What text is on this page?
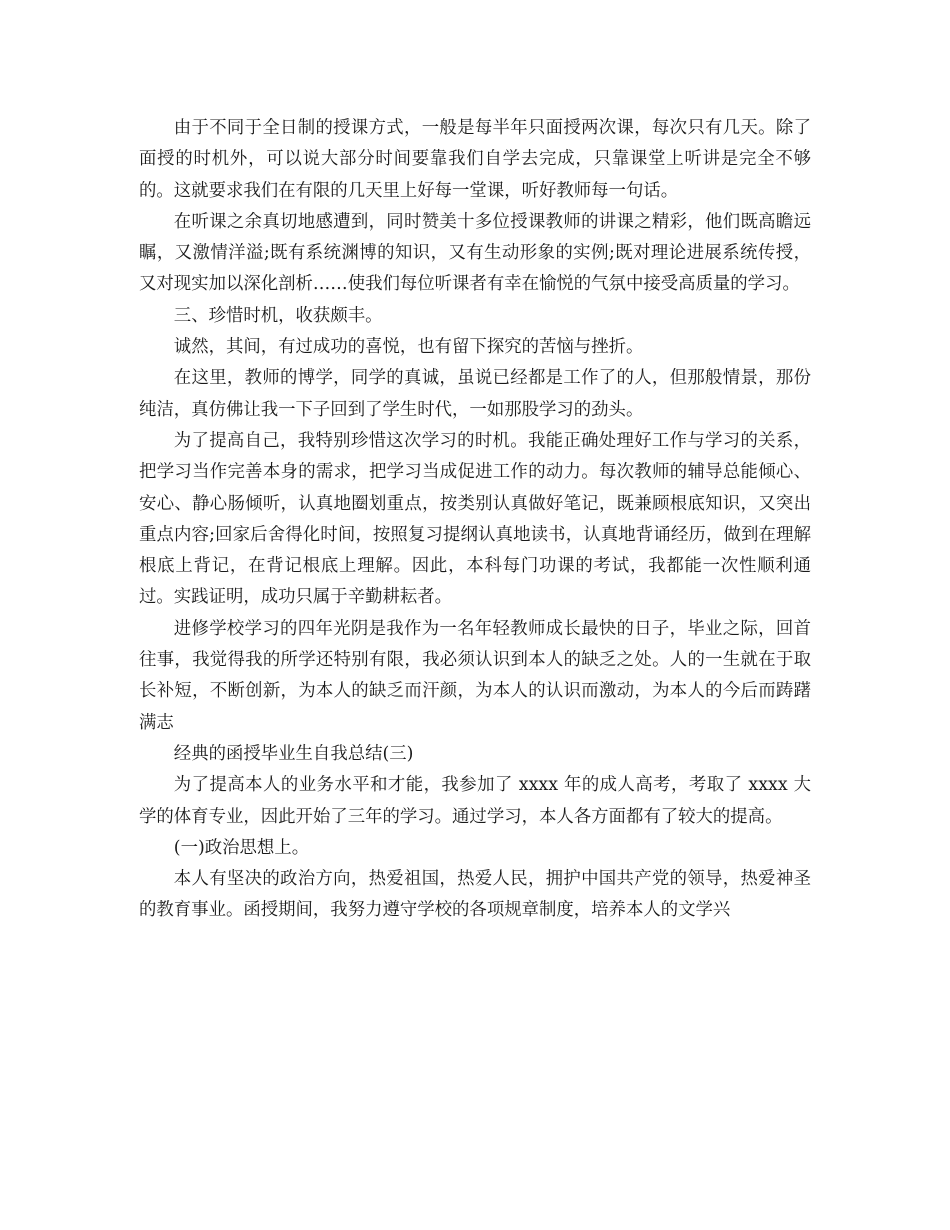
由于不同于全日制的授课方式，一般是每半年只面授两次课，每次只有几天。除了面授的时机外，可以说大部分时间要靠我们自学去完成，只靠课堂上听讲是完全不够的。这就要求我们在有限的几天里上好每一堂课，听好教师每一句话。

在听课之余真切地感遭到，同时赞美十多位授课教师的讲课之精彩，他们既高瞻远瞩，又激情洋溢;既有系统渊博的知识，又有生动形象的实例;既对理论进展系统传授，又对现实加以深化剖析……使我们每位听课者有幸在愉悦的气氛中接受高质量的学习。

三、珍惜时机，收获颇丰。

诚然，其间，有过成功的喜悦，也有留下探究的苦恼与挫折。

在这里，教师的博学，同学的真诚，虽说已经都是工作了的人，但那般情景，那份纯洁，真仿佛让我一下子回到了学生时代，一如那股学习的劲头。

为了提高自己，我特别珍惜这次学习的时机。我能正确处理好工作与学习的关系，把学习当作完善本身的需求，把学习当成促进工作的动力。每次教师的辅导总能倾心、安心、静心肠倾听，认真地圈划重点，按类别认真做好笔记，既兼顾根底知识，又突出重点内容;回家后舍得化时间，按照复习提纲认真地读书，认真地背诵经历，做到在理解根底上背记，在背记根底上理解。因此，本科每门功课的考试，我都能一次性顺利通过。实践证明，成功只属于辛勤耕耘者。

进修学校学习的四年光阴是我作为一名年轻教师成长最快的日子，毕业之际，回首往事，我觉得我的所学还特别有限，我必须认识到本人的缺乏之处。人的一生就在于取长补短，不断创新，为本人的缺乏而汗颜，为本人的认识而激动，为本人的今后而踌躇满志

经典的函授毕业生自我总结(三)

为了提高本人的业务水平和才能，我参加了 xxxx 年的成人高考，考取了 xxxx 大学的体育专业，因此开始了三年的学习。通过学习，本人各方面都有了较大的提高。

(一)政治思想上。

本人有坚决的政治方向，热爱祖国，热爱人民，拥护中国共产党的领导，热爱神圣的教育事业。函授期间，我努力遵守学校的各项规章制度，培养本人的文学兴
